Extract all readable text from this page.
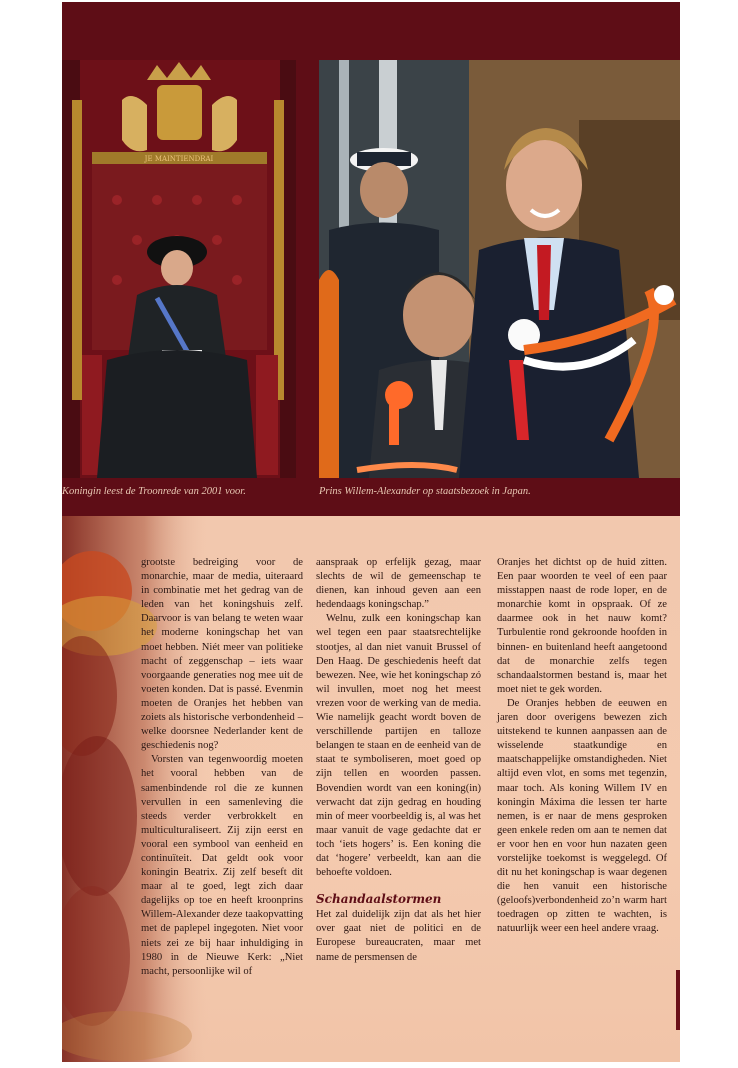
JE MAINTIENDRAI
Koningin leest de Troonrede van 2001 voor.	Prins Willem-Alexander op staatsbezoek in Japan.

grootste bedreiging voor de monarchie, maar de media, uiteraard in combinatie met het gedrag van de leden van het koningshuis zelf. Daarvoor is van belang te weten waar het moderne koningschap het van moet hebben. Niét meer van politieke macht of zeggenschap – iets waar voorgaande generaties nog mee uit de voeten konden. Dat is passé. Evenmin moeten de Oranjes het hebben van zoiets als historische verbondenheid – welke doorsnee Nederlander kent de geschiedenis nog?

Vorsten van tegenwoordig moeten het vooral hebben van de samenbindende rol die ze kunnen vervullen in een samenleving die steeds verder verbrokkelt en multiculturaliseert. Zij zijn eerst en vooral een symbool van eenheid en continuïteit. Dat geldt ook voor koningin Beatrix. Zij zelf beseft dit maar al te goed, legt zich daar dagelijks op toe en heeft kroonprins Willem-Alexander deze taakopvatting met de paplepel ingegoten. Niet voor niets zei ze bij haar inhuldiging in 1980 in de Nieuwe Kerk: „Niet macht, persoonlijke wil of

aanspraak op erfelijk gezag, maar slechts de wil de gemeenschap te dienen, kan inhoud geven aan een hedendaags koningschap.”

Welnu, zulk een koningschap kan wel tegen een paar staatsrechtelijke stootjes, al dan niet vanuit Brussel of Den Haag. De geschiedenis heeft dat bewezen. Nee, wie het koningschap zó wil invullen, moet nog het meest vrezen voor de werking van de media. Wie namelijk geacht wordt boven de verschillende partijen en talloze belangen te staan en de eenheid van de staat te symboliseren, moet goed op zijn tellen en woorden passen. Bovendien wordt van een koning(in) verwacht dat zijn gedrag en houding min of meer voorbeeldig is, al was het maar vanuit de vage gedachte dat er toch ‘iets hogers’ is. Een koning die dat ‘hogere’ verbeeldt, kan aan die behoefte voldoen.

Schandaalstormen

Het zal duidelijk zijn dat als het hier over gaat niet de politici en de Europese bureaucraten, maar met name de persmensen de

Oranjes het dichtst op de huid zitten. Een paar woorden te veel of een paar misstappen naast de rode loper, en de monarchie komt in opspraak. Of ze daarmee ook in het nauw komt? Turbulentie rond gekroonde hoofden in binnen- en buitenland heeft aangetoond dat de monarchie zelfs tegen schandaalstormen bestand is, maar het moet niet te gek worden.

De Oranjes hebben de eeuwen en jaren door overigens bewezen zich uitstekend te kunnen aanpassen aan de wisselende staatkundige en maatschappelijke omstandigheden. Niet altijd even vlot, en soms met tegenzin, maar toch. Als koning Willem IV en koningin Máxima die lessen ter harte nemen, is er naar de mens gesproken geen enkele reden om aan te nemen dat er voor hen en voor hun nazaten geen vorstelijke toekomst is weggelegd. Of dit nu het koningschap is waar degenen die hen vanuit een historische (geloofs)verbondenheid zo’n warm hart toedragen op zitten te wachten, is natuurlijk weer een heel andere vraag.
